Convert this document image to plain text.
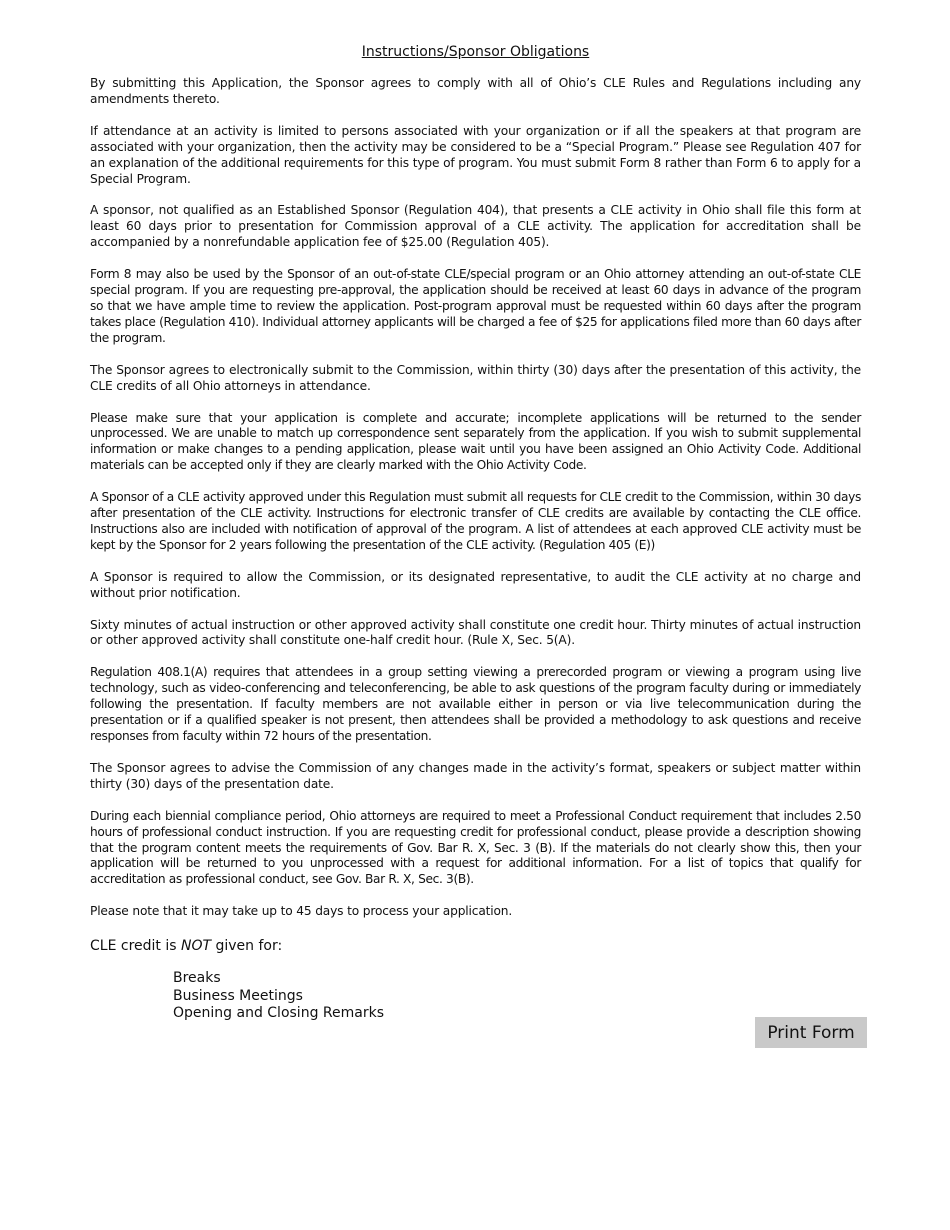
Instructions/Sponsor Obligations

By submitting this Application, the Sponsor agrees to comply with all of Ohio’s CLE Rules and Regulations including any amendments thereto.

If attendance at an activity is limited to persons associated with your organization or if all the speakers at that program are associated with your organization, then the activity may be considered to be a “Special Program.” Please see Regulation 407 for an explanation of the additional requirements for this type of program. You must submit Form 8 rather than Form 6 to apply for a Special Program.

A sponsor, not qualified as an Established Sponsor (Regulation 404), that presents a CLE activity in Ohio shall file this form at least 60 days prior to presentation for Commission approval of a CLE activity. The application for accreditation shall be accompanied by a nonrefundable application fee of $25.00 (Regulation 405).

Form 8 may also be used by the Sponsor of an out-of-state CLE/special program or an Ohio attorney attending an out-of-state CLE special program. If you are requesting pre-approval, the application should be received at least 60 days in advance of the program so that we have ample time to review the application. Post-program approval must be requested within 60 days after the program takes place (Regulation 410). Individual attorney applicants will be charged a fee of $25 for applications filed more than 60 days after the program.

The Sponsor agrees to electronically submit to the Commission, within thirty (30) days after the presentation of this activity, the CLE credits of all Ohio attorneys in attendance.

Please make sure that your application is complete and accurate; incomplete applications will be returned to the sender unprocessed. We are unable to match up correspondence sent separately from the application. If you wish to submit supplemental information or make changes to a pending application, please wait until you have been assigned an Ohio Activity Code. Additional materials can be accepted only if they are clearly marked with the Ohio Activity Code.

A Sponsor of a CLE activity approved under this Regulation must submit all requests for CLE credit to the Commission, within 30 days after presentation of the CLE activity. Instructions for electronic transfer of CLE credits are available by contacting the CLE office. Instructions also are included with notification of approval of the program. A list of attendees at each approved CLE activity must be kept by the Sponsor for 2 years following the presentation of the CLE activity. (Regulation 405 (E))

A Sponsor is required to allow the Commission, or its designated representative, to audit the CLE activity at no charge and without prior notification.

Sixty minutes of actual instruction or other approved activity shall constitute one credit hour. Thirty minutes of actual instruction or other approved activity shall constitute one-half credit hour. (Rule X, Sec. 5(A).

Regulation 408.1(A) requires that attendees in a group setting viewing a prerecorded program or viewing a program using live technology, such as video-conferencing and teleconferencing, be able to ask questions of the program faculty during or immediately following the presentation. If faculty members are not available either in person or via live telecommunication during the presentation or if a qualified speaker is not present, then attendees shall be provided a methodology to ask questions and receive responses from faculty within 72 hours of the presentation.

The Sponsor agrees to advise the Commission of any changes made in the activity’s format, speakers or subject matter within thirty (30) days of the presentation date.

During each biennial compliance period, Ohio attorneys are required to meet a Professional Conduct requirement that includes 2.50 hours of professional conduct instruction. If you are requesting credit for professional conduct, please provide a description showing that the program content meets the requirements of Gov. Bar R. X, Sec. 3 (B). If the materials do not clearly show this, then your application will be returned to you unprocessed with a request for additional information. For a list of topics that qualify for accreditation as professional conduct, see Gov. Bar R. X, Sec. 3(B).

Please note that it may take up to 45 days to process your application.

CLE credit is NOT given for:
Breaks
Business Meetings
Opening and Closing Remarks
Print Form
